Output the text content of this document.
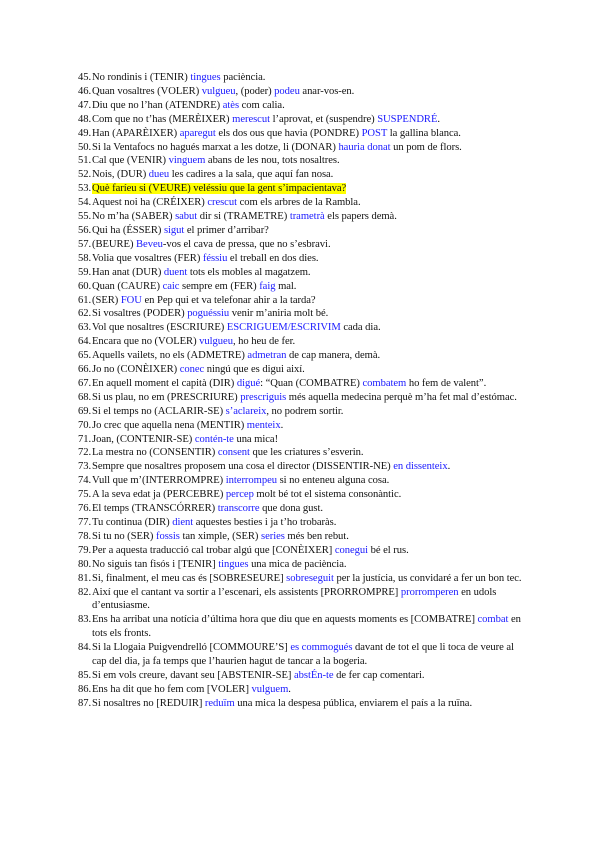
45. No rondinis i (TENIR) tingues paciència.
46. Quan vosaltres (VOLER) vulgueu, (poder) podeu anar-vos-en.
47. Diu que no l’han (ATENDRE) atès com calia.
48. Com que no t’has (MERÈIXER) merescut l’aprovat, et (suspendre) SUSPENDRÉ.
49. Han (APARÈIXER) aparegut els dos ous que havia (PONDRE) POST la gallina blanca.
50. Si la Ventafocs no hagués marxat a les dotze, li (DONAR) hauria donat un pom de flors.
51. Cal que (VENIR) vinguem abans de les nou, tots nosaltres.
52. Nois, (DUR) dueu les cadires a la sala, que aquí fan nosa.
53. Què faríeu si (VEURE) veléssiu que la gent s’impacientava?
54. Aquest noi ha (CRÉIXER) crescut com els arbres de la Rambla.
55. No m’ha (SABER) sabut dir si (TRAMETRE) trametrà els papers demà.
56. Qui ha (ÉSSER) sigut el primer d’arribar?
57. (BEURE) Beveu-vos el cava de pressa, que no s’esbravi.
58. Volia que vosaltres (FER) féssiu el treball en dos dies.
59. Han anat (DUR) duent tots els mobles al magatzem.
60. Quan (CAURE) caic sempre em (FER) faig mal.
61. (SER) FOU en Pep qui et va telefonar ahir a la tarda?
62. Si vosaltres (PODER) poguéssiu venir m’aniria molt bé.
63. Vol que nosaltres (ESCRIURE) ESCRIGUEM/ESCRIVIM cada dia.
64. Encara que no (VOLER) vulgueu, ho heu de fer.
65. Aquells vailets, no els (ADMETRE) admetran de cap manera, demà.
66. Jo no (CONÈIXER) conec ningú que es digui així.
67. En aquell moment el capità (DIR) digué: “Quan (COMBATRE) combatem ho fem de valent”.
68. Si us plau, no em (PRESCRIURE) prescriguis més aquella medecina perquè m’ha fet mal d’estómac.
69. Si el temps no (ACLARIR-SE) s’aclareix, no podrem sortir.
70. Jo crec que aquella nena (MENTIR) menteix.
71. Joan, (CONTENIR-SE) contén-te una mica!
72. La mestra no (CONSENTIR) consent que les criatures s’esverin.
73. Sempre que nosaltres proposem una cosa el director (DISSENTIR-NE) en dissenteix.
74. Vull que m’(INTERROMPRE) interrompeu si no enteneu alguna cosa.
75. A la seva edat ja (PERCEBRE) percep molt bé tot el sistema consonàntic.
76. El temps (TRANSCÓRRER) transcorre que dona gust.
77. Tu continua (DIR) dient aquestes besties i ja t’ho trobaràs.
78. Si tu no (SER) fossis tan ximple, (SER) series més ben rebut.
79. Per a aquesta traducció cal trobar algú que [CONÈIXER] conegui bé el rus.
80. No siguis tan fisós i [TENIR] tingues una mica de paciència.
81. Si, finalment, el meu cas és [SOBRESEURE] sobreseguit per la justícia, us convidaré a fer un bon tec.
82. Així que el cantant va sortir a l’escenari, els assistents [PRORROMPRE] prorromperen en udols d’entusiasme.
83. Ens ha arribat una notícia d’última hora que diu que en aquests moments es [COMBATRE] combat en tots els fronts.
84. Si la Llogaia Puigvendrelló [COMMOURE’S] es commogués davant de tot el que li toca de veure al cap del dia, ja fa temps que l’haurien hagut de tancar a la bogeria.
85. Si em vols creure, davant seu [ABSTENIR-SE] abstÉn-te de fer cap comentari.
86. Ens ha dit que ho fem com [VOLER] vulguem.
87. Si nosaltres no [REDUIR] reduïm una mica la despesa pública, enviarem el país a la ruïna.
